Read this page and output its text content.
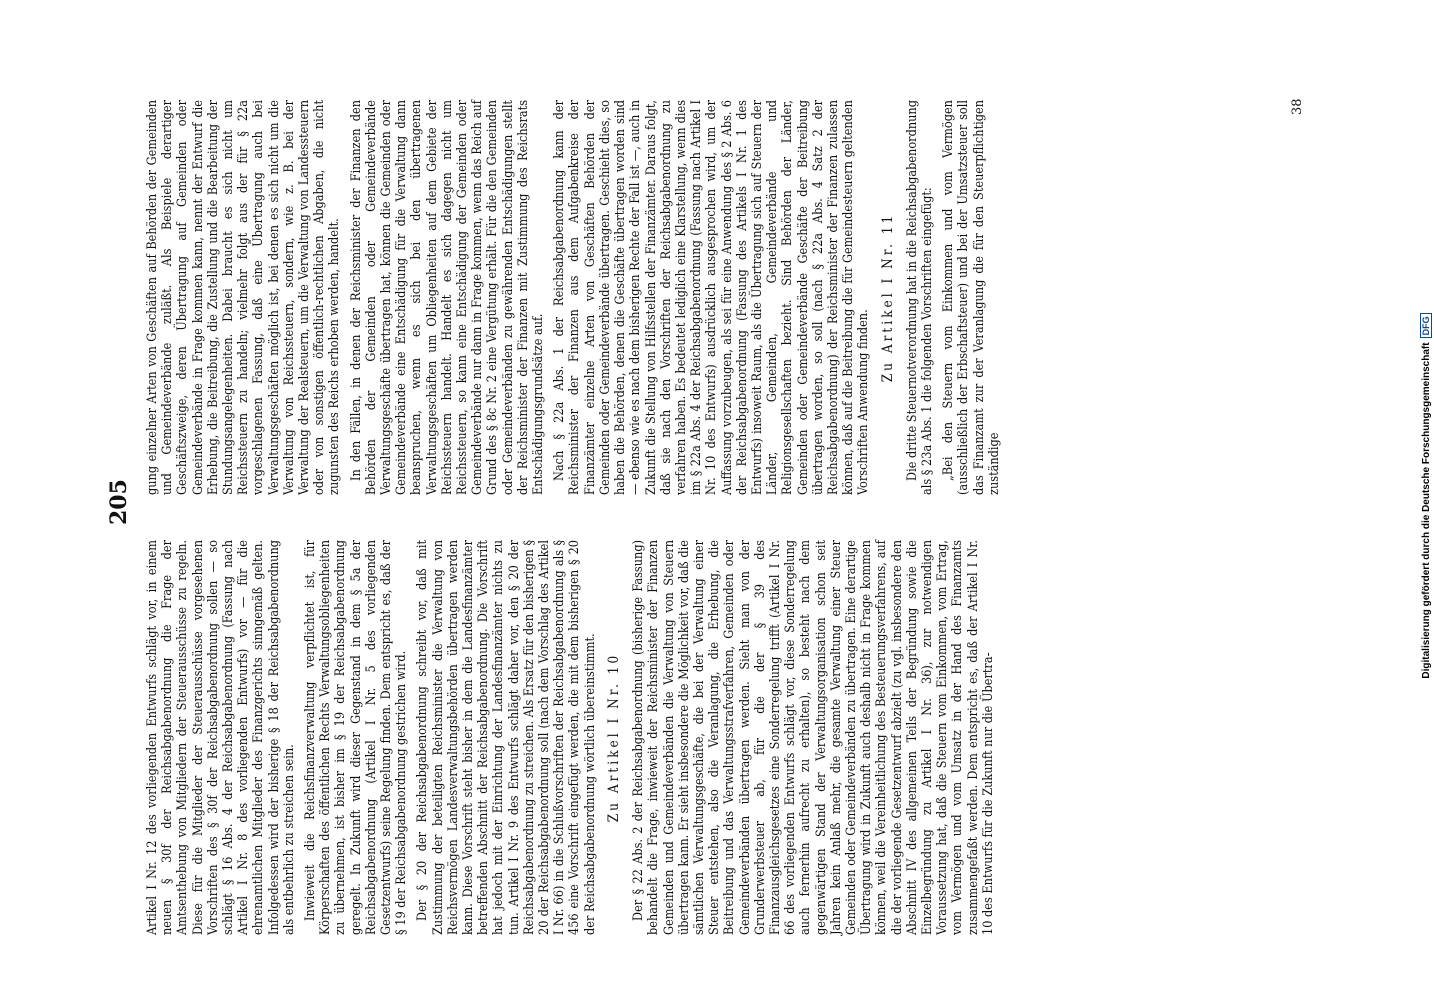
205

Artikel I Nr. 12 des vorliegenden Entwurfs schlägt vor, in einem neuen § 30f der Reichsabgabenordnung die Frage der Amtsenthebung von Mitgliedern der Steuerausschüsse zu regeln. Diese für die Mitglieder der Steuerausschüsse vorgesehenen Vorschriften des § 30f der Reichsabgabenordnung sollen — so schlägt § 16 Abs. 4 der Reichsabgabenordnung (Fassung nach Artikel I Nr. 8 des vorliegenden Entwurfs) vor — für die ehrenamtlichen Mitglieder des Finanzgerichts sinngemäß gelten. Infolgedessen wird der bisherige § 18 der Reichsabgabenordnung als entbehrlich zu streichen sein. Inwieweit die Reichsfinanzverwaltung verpflichtet ist, für Körperschaften des öffentlichen Rechts Verwaltungsobliegenheiten zu übernehmen, ist bisher im § 19 der Reichsabgabenordnung geregelt. In Zukunft wird dieser Gegenstand in dem § 5a der Reichsabgabenordnung (Artikel I Nr. 5 des vorliegenden Gesetzentwurfs) seine Regelung finden. Dem entspricht es, daß der § 19 der Reichsabgabenordnung gestrichen wird. Der § 20 der Reichsabgabenordnung schreibt vor, daß mit Zustimmung der beteiligten Reichsminister die Verwaltung von Reichsvermögen Landesverwaltungsbehörden übertragen werden kann. Diese Vorschrift steht bisher in dem die Landesfinanzämter betreffenden Abschnitt der Reichsabgabenordnung. Die Vorschrift hat jedoch mit der Einrichtung der Landesfinanzämter nichts zu tun. Artikel I Nr. 9 des Entwurfs schlägt daher vor, den § 20 der Reichsabgabenordnung zu streichen. Als Ersatz für den bisherigen § 20 der Reichsabgabenordnung soll (nach dem Vorschlag des Artikel I Nr. 66) in die Schlußvorschriften der Reichsabgabenordnung als § 456 eine Vorschrift eingefügt werden, die mit dem bisherigen § 20 der Reichsabgabenordnung wörtlich übereinstimmt. Zu Artikel I Nr. 10 Der § 22 Abs. 2 der Reichsabgabenordnung (bisherige Fassung) behandelt die Frage, inwieweit der Reichsminister der Finanzen Gemeinden und Gemeindeverbänden die Verwaltung von Steuern übertragen kann. Er sieht insbesondere die Möglichkeit vor, daß die sämtlichen Verwaltungsgeschäfte, die bei der Verwaltung einer Steuer entstehen, also die Veranlagung, die Erhebung, die Beitreibung und das Verwaltungsstrafverfahren, Gemeinden oder Gemeindeverbänden übertragen werden. Sieht man von der Grunderwerbsteuer ab, für die der § 39 des Finanzausgleichsgesetzes eine Sonderregelung trifft (Artikel I Nr. 66 des vorliegenden Entwurfs schlägt vor, diese Sonderregelung auch fernerhin aufrecht zu erhalten), so besteht nach dem gegenwärtigen Stand der Verwaltungsorganisation schon seit Jahren kein Anlaß mehr, die gesamte Verwaltung einer Steuer Gemeinden oder Gemeindeverbänden zu übertragen. Eine derartige Übertragung wird in Zukunft auch deshalb nicht in Frage kommen können, weil die Vereinheitlichung des Besteuerungsverfahrens, auf die der vorliegende Gesetzentwurf abzielt (zu vgl. insbesondere den Abschnitt IV des allgemeinen Teils der Begründung sowie die Einzelbegründung zu Artikel I Nr. 36), zur notwendigen Voraussetzung hat, daß die Steuern vom Einkommen, vom Ertrag, vom Vermögen und vom Umsatz in der Hand des Finanzamts zusammengefaßt werden. Dem entspricht es, daß der Artikel I Nr. 10 des Entwurfs für die Zukunft nur die Übertra-

gung einzelner Arten von Geschäften auf Behörden der Gemeinden und Gemeindeverbände zuläßt. Als Beispiele derartiger Geschäftszweige, deren Übertragung auf Gemeinden oder Gemeindeverbände in Frage kommen kann, nennt der Entwurf die Erhebung, die Beitreibung, die Zustellung und die Bearbeitung der Stundungsangelegenheiten. Dabei braucht es sich nicht um Reichssteuern zu handeln; vielmehr folgt aus der für § 22a vorgeschlagenen Fassung, daß eine Übertragung auch bei Verwaltungsgeschäften möglich ist, bei denen es sich nicht um die Verwaltung von Reichssteuern, sondern, wie z. B. bei der Verwaltung der Realsteuern, um die Verwaltung von Landessteuern oder von sonstigen öffentlich-rechtlichen Abgaben, die nicht zugunsten des Reichs erhoben werden, handelt. In den Fällen, in denen der Reichsminister der Finanzen den Behörden der Gemeinden oder Gemeindeverbände Verwaltungsgeschäfte übertragen hat, können die Gemeinden oder Gemeindeverbände eine Entschädigung für die Verwaltung dann beanspruchen, wenn es sich bei den übertragenen Verwaltungsgeschäften um Obliegenheiten auf dem Gebiete der Reichssteuern handelt. Handelt es sich dagegen nicht um Reichssteuern, so kann eine Entschädigung der Gemeinden oder Gemeindeverbände nur dann in Frage kommen, wenn das Reich auf Grund des § 8c Nr. 2 eine Vergütung erhält. Für die den Gemeinden oder Gemeindeverbänden zu gewährenden Entschädigungen stellt der Reichsminister der Finanzen mit Zustimmung des Reichsrats Entschädigungsgrundsätze auf. Nach § 22a Abs. 1 der Reichsabgabenordnung kann der Reichsminister der Finanzen aus dem Aufgabenkreise der Finanzämter einzelne Arten von Geschäften Behörden der Gemeinden oder Gemeindeverbände übertragen. Geschieht dies, so haben die Behörden, denen die Geschäfte übertragen worden sind — ebenso wie es nach dem bisherigen Rechte der Fall ist —, auch in Zukunft die Stellung von Hilfsstellen der Finanzämter. Daraus folgt, daß sie nach den Vorschriften der Reichsabgabenordnung zu verfahren haben. Es bedeutet lediglich eine Klarstellung, wenn dies im § 22a Abs. 4 der Reichsabgabenordnung (Fassung nach Artikel I Nr. 10 des Entwurfs) ausdrücklich ausgesprochen wird, um der Auffassung vorzubeugen, als sei für eine Anwendung des § 2 Abs. 6 der Reichsabgabenordnung (Fassung des Artikels I Nr. 1 des Entwurfs) insoweit Raum, als die Übertragung sich auf Steuern der Länder, Gemeinden, Gemeindeverbände und Religionsgesellschaften bezieht. Sind Behörden der Länder, Gemeinden oder Gemeindeverbände Geschäfte der Beitreibung übertragen worden, so soll (nach § 22a Abs. 4 Satz 2 der Reichsabgabenordnung) der Reichsminister der Finanzen zulassen können, daß auf die Beitreibung die für Gemeindesteuern geltenden Vorschriften Anwendung finden.

Zu Artikel I Nr. 11 Die dritte Steuernotverordnung hat in die Reichsabgabenordnung als § 23a Abs. 1 die folgenden Vorschriften eingefügt: „Bei den Steuern vom Einkommen und vom Vermögen (ausschließlich der Erbschaftsteuer) und bei der Umsatzsteuer soll das Finanzamt zur der Veranlagung die für den Steuerpflichtigen zuständige

38
Digitalisierung gefördert durch die Deutsche ForschungsgemeinschaftDFG
